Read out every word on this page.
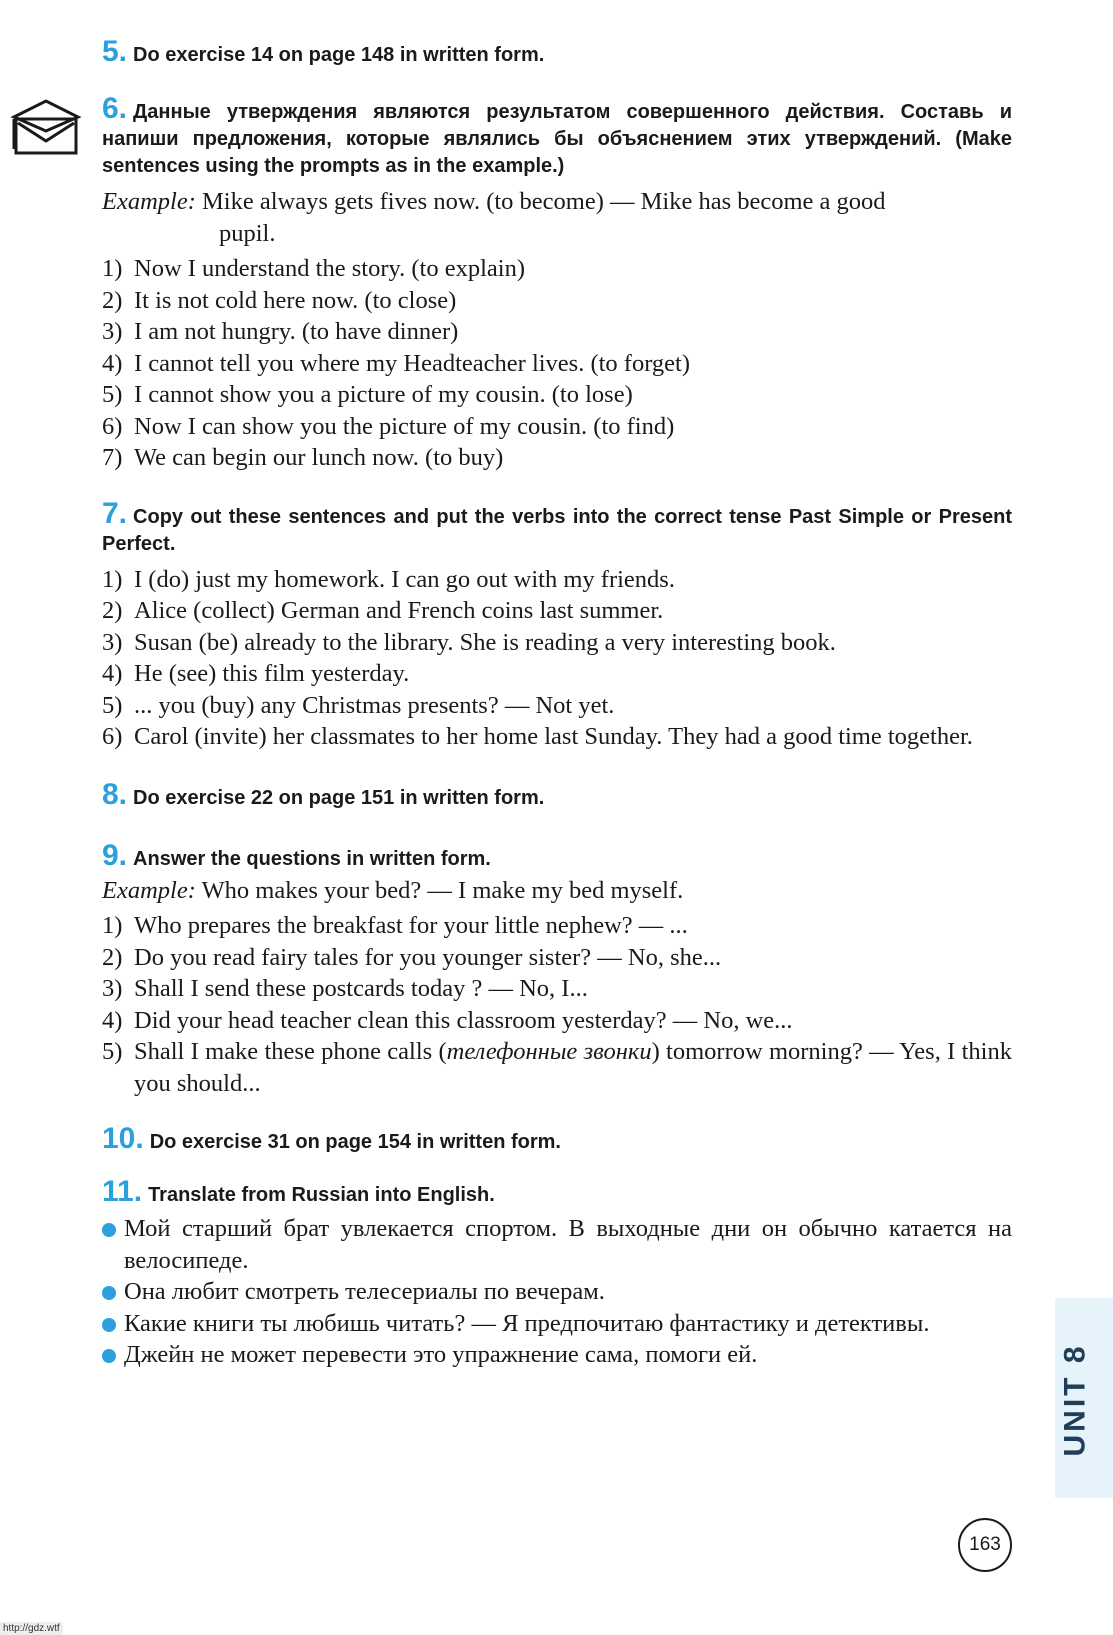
5. Do exercise 14 on page 148 in written form.
6. Данные утверждения являются результатом совершенного действия. Составь и напиши предложения, которые являлись бы объяснением этих утверждений. (Make sentences using the prompts as in the example.)
Example: Mike always gets fives now. (to become) — Mike has become a good
pupil.
1) Now I understand the story. (to explain)
2) It is not cold here now. (to close)
3) I am not hungry. (to have dinner)
4) I cannot tell you where my Headteacher lives. (to forget)
5) I cannot show you a picture of my cousin. (to lose)
6) Now I can show you the picture of my cousin. (to find)
7) We can begin our lunch now. (to buy)
7. Copy out these sentences and put the verbs into the correct tense Past Simple or Present Perfect.
1) I (do) just my homework. I can go out with my friends.
2) Alice (collect) German and French coins last summer.
3) Susan (be) already to the library. She is reading a very interesting book.
4) He (see) this film yesterday.
5) ... you (buy) any Christmas presents? — Not yet.
6) Carol (invite) her classmates to her home last Sunday. They had a good time together.
8. Do exercise 22 on page 151 in written form.
9. Answer the questions in written form.
Example: Who makes your bed? — I make my bed myself.
1) Who prepares the breakfast for your little nephew? — ...
2) Do you read fairy tales for you younger sister? — No, she...
3) Shall I send these postcards today ? — No, I...
4) Did your head teacher clean this classroom yesterday? — No, we...
5) Shall I make these phone calls (телефонные звонки) tomorrow morning? — Yes, I think you should...
10. Do exercise 31 on page 154 in written form.
11. Translate from Russian into English.
Мой старший брат увлекается спортом. В выходные дни он обычно катается на велосипеде.
Она любит смотреть телесериалы по вечерам.
Какие книги ты любишь читать? — Я предпочитаю фантастику и детективы.
Джейн не может перевести это упражнение сама, помоги ей.	UNIT 8
163
http://gdz.wtf
